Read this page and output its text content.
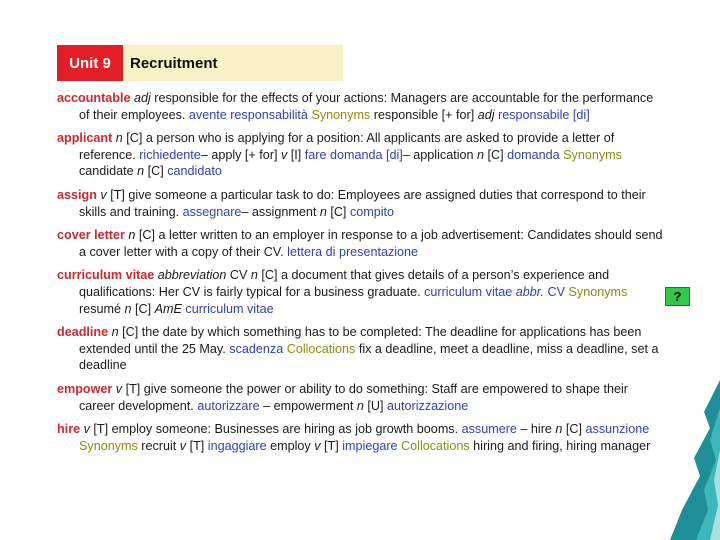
Unit 9	Recruitment

accountable adj responsible for the effects of your actions: Managers are accountable for the performance of their employees. avente responsabilità Synonyms responsible [+ for] adj responsabile [di]

applicant n [C] a person who is applying for a position: All applicants are asked to provide a letter of reference. richiedente– apply [+ for] v [I] fare domanda [di]– application n [C] domanda Synonyms candidate n [C] candidato

assign v [T] give someone a particular task to do: Employees are assigned duties that correspond to their skills and training. assegnare– assignment n [C] compito

cover letter n [C] a letter written to an employer in response to a job advertisement: Candidates should send a cover letter with a copy of their CV. lettera di presentazione

curriculum vitae abbreviation CV n [C] a document that gives details of a person’s experience and qualifications: Her CV is fairly typical for a business graduate. curriculum vitae abbr. CV Synonyms resumé n [C] AmE curriculum vitae

deadline n [C] the date by which something has to be completed: The deadline for applications has been extended until the 25 May. scadenza Collocations fix a deadline, meet a deadline, miss a deadline, set a deadline

empower v [T] give someone the power or ability to do something: Staff are empowered to shape their career development. autorizzare – empowerment n [U] autorizzazione

hire v [T] employ someone: Businesses are hiring as job growth booms. assumere – hire n [C] assunzione Synonyms recruit v [T] ingaggiare employ v [T] impiegare Collocations hiring and firing, hiring manager

?
